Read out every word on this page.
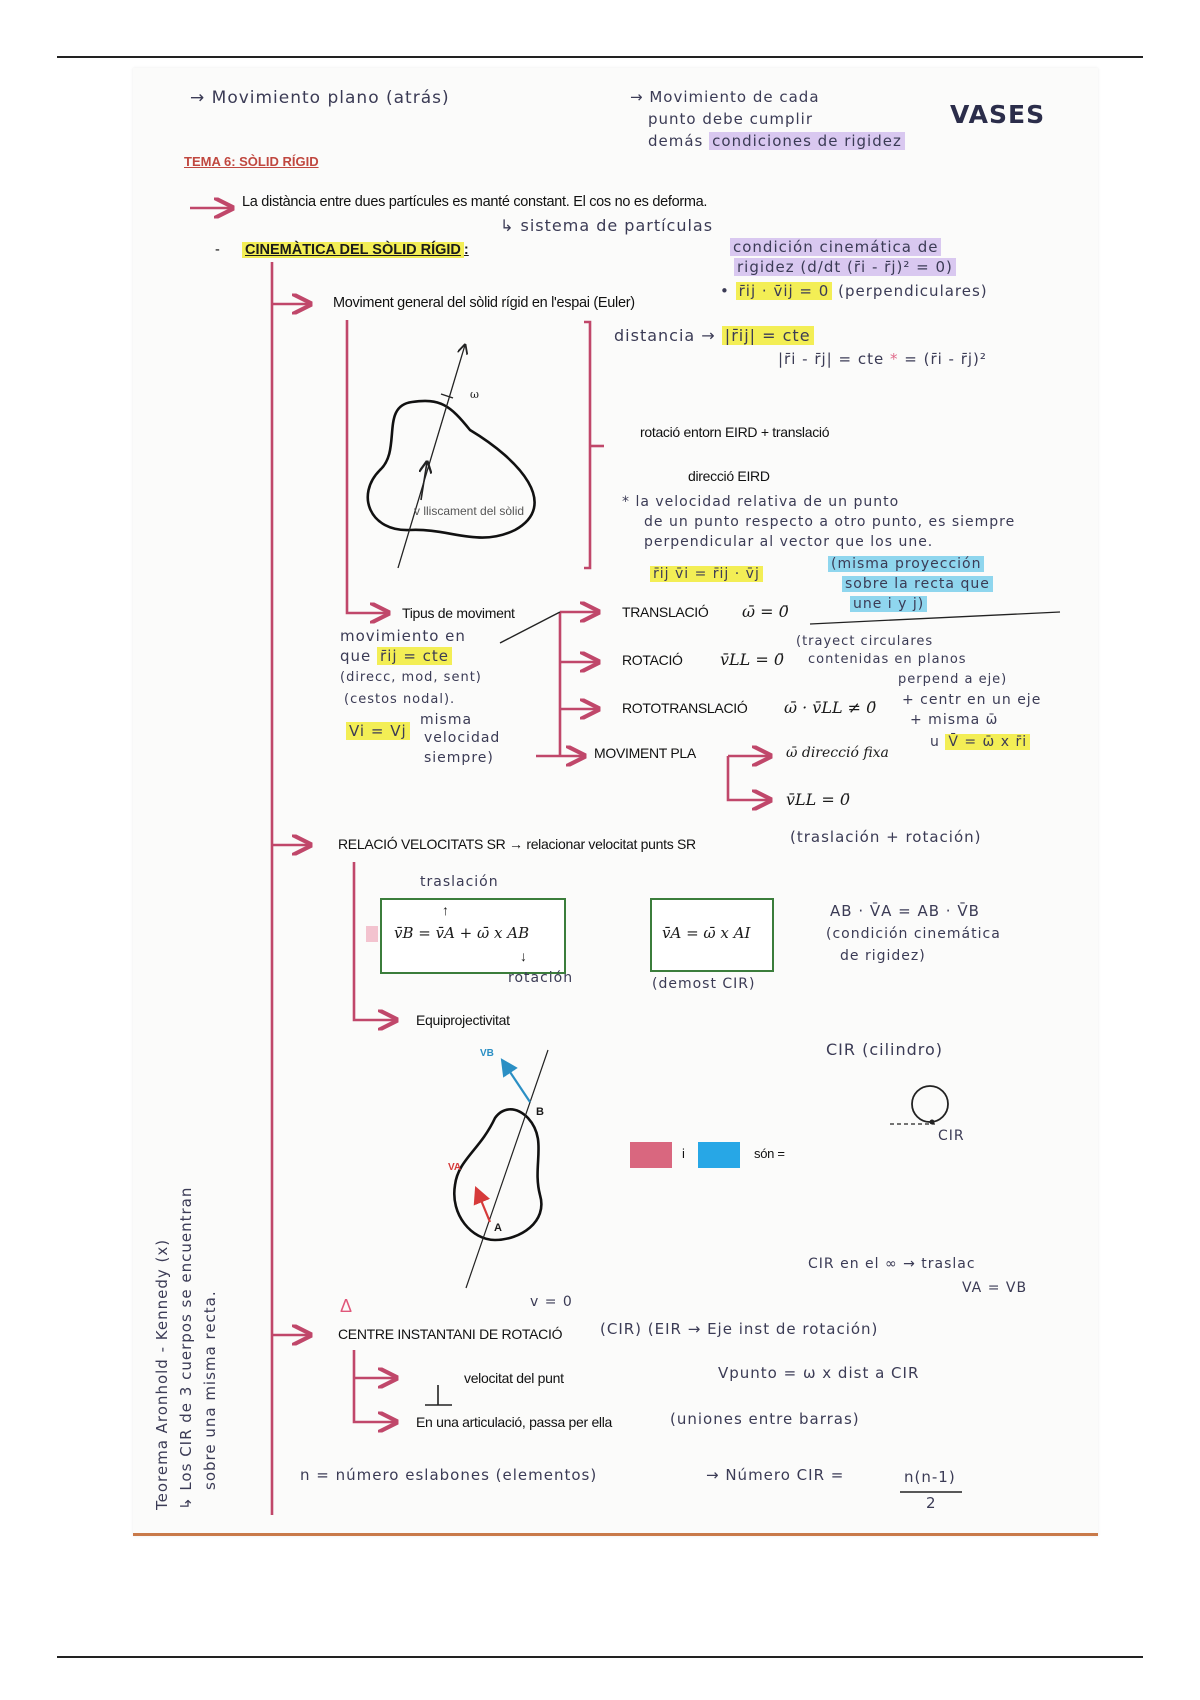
→ Movimiento plano (atrás)	→ Movimiento de cada
punto debe cumplir
demás condiciones de rigidez
VASES
TEMA 6: SÒLID RÍGID
La distància entre dues partícules es manté constant. El cos no es deforma.
↳ sistema de partículas
- CINEMÀTICA DEL SÒLID RÍGID :	condición cinemática de
rigidez (d/dt (r̄i - r̄j)² = 0)
• r̄ij · v̄ij = 0 (perpendiculares)
Moviment general del sòlid rígid en l'espai (Euler)
distancia → |r̄ij| = cte
|r̄i - r̄j| = cte * = (r̄i - r̄j)²
ω
v lliscament del sòlid
rotació entorn EIRD + translació
direcció EIRD
* la velocidad relativa de un punto
de un punto respecto a otro punto, es siempre
perpendicular al vector que los une.
r̄ij v̄i = r̄ij · v̄j
(misma proyección
sobre la recta que
une i y j)
Tipus de moviment
movimiento en
que r̄ij = cte
(direcc, mod, sent)
(cestos nodal).
Vi = Vj
misma
velocidad
siempre)
TRANSLACIÓ ω̄ = 0̄
ROTACIÓ v̄LL = 0̄
ROTOTRANSLACIÓ ω̄ · v̄LL ≠ 0̄
MOVIMENT PLA	ω̄ direcció fixa
v̄LL = 0̄
(trayect circulares
contenidas en planos
perpend a eje)
+ centr en un eje
+ misma ω̄
u V̄ = ω̄ x r̄i
RELACIÓ VELOCITATS SR → relacionar velocitat punts SR	(traslación + rotación)
traslación
v̄B = v̄A + ω̄ x AB
↑
↓
rotación
v̄A = ω̄ x AI
(demost CIR)
AB · V̄A = AB · V̄B
(condición cinemática
de rigidez)
Equiprojectivitat
VB
VA
B
A
i	són =
CIR (cilindro)
CIR
CIR en el ∞ → traslac
VA = VB
Δ	v = 0
CENTRE INSTANTANI DE ROTACIÓ	(CIR) (EIR → Eje inst de rotación)
velocitat del punt	Vpunto = ω x dist a CIR
En una articulació, passa per ella	(uniones entre barras)
n = número eslabones (elementos)	→ Número CIR =	n(n-1)
2
Teorema Aronhold - Kennedy (x) ↳ Los CIR de 3 cuerpos se encuentran sobre una misma recta.
